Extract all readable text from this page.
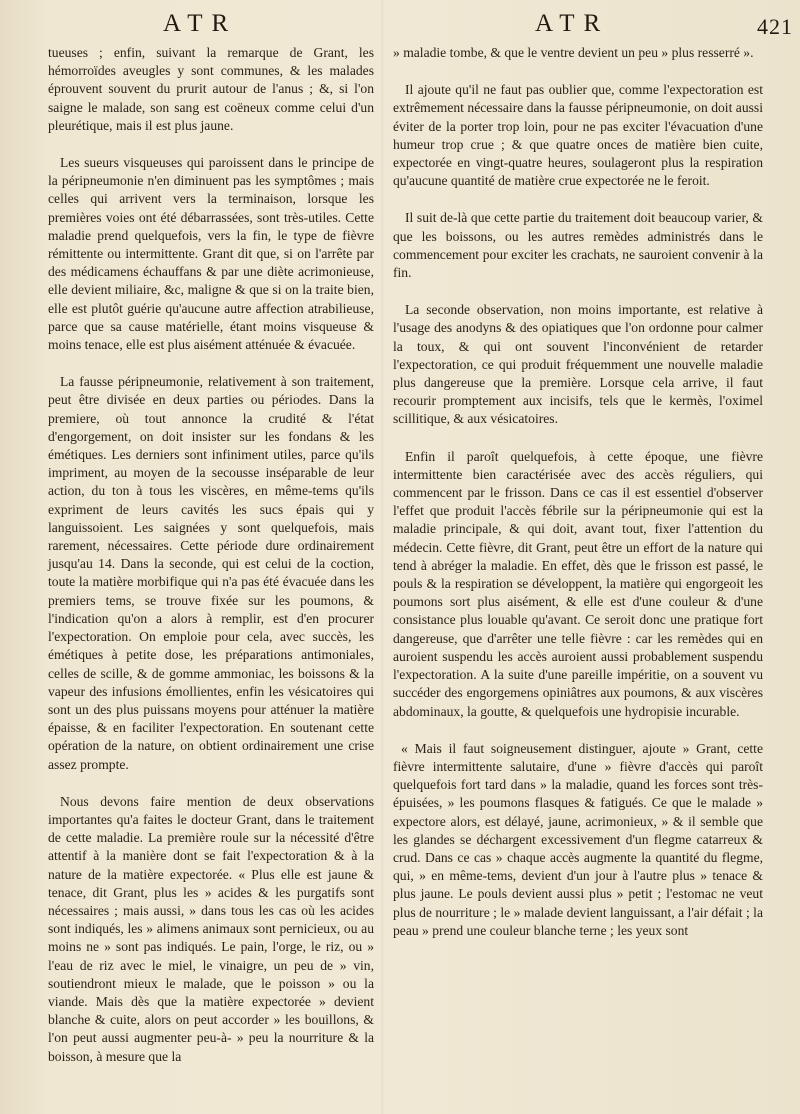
ATR	ATR	421

tueuses ; enfin, suivant la remarque de Grant, les hémorroïdes aveugles y sont communes, & les malades éprouvent souvent du prurit autour de l'anus ; &, si l'on saigne le malade, son sang est coëneux comme celui d'un pleurétique, mais il est plus jaune.

Les sueurs visqueuses qui paroissent dans le principe de la péripneumonie n'en diminuent pas les symptômes ; mais celles qui arrivent vers la terminaison, lorsque les premières voies ont été débarrassées, sont très-utiles. Cette maladie prend quelquefois, vers la fin, le type de fièvre rémittente ou intermittente. Grant dit que, si on l'arrête par des médicamens échauffans & par une diète acrimonieuse, elle devient miliaire, &c, maligne & que si on la traite bien, elle est plutôt guérie qu'aucune autre affection atrabilieuse, parce que sa cause matérielle, étant moins visqueuse & moins tenace, elle est plus aisément atténuée & évacuée.

La fausse péripneumonie, relativement à son traitement, peut être divisée en deux parties ou périodes. Dans la premiere, où tout annonce la crudité & l'état d'engorgement, on doit insister sur les fondans & les émétiques. Les derniers sont infiniment utiles, parce qu'ils impriment, au moyen de la secousse inséparable de leur action, du ton à tous les viscères, en même-tems qu'ils expriment de leurs cavités les sucs épais qui y languissoient. Les saignées y sont quelquefois, mais rarement, nécessaires. Cette période dure ordinairement jusqu'au 14. Dans la seconde, qui est celui de la coction, toute la matière morbifique qui n'a pas été évacuée dans les premiers tems, se trouve fixée sur les poumons, & l'indication qu'on a alors à remplir, est d'en procurer l'expectoration. On emploie pour cela, avec succès, les émétiques à petite dose, les préparations antimoniales, celles de scille, & de gomme ammoniac, les boissons & la vapeur des infusions émollientes, enfin les vésicatoires qui sont un des plus puissans moyens pour atténuer la matière épaisse, & en faciliter l'expectoration. En soutenant cette opération de la nature, on obtient ordinairement une crise assez prompte.

Nous devons faire mention de deux observations importantes qu'a faites le docteur Grant, dans le traitement de cette maladie. La première roule sur la nécessité d'être attentif à la manière dont se fait l'expectoration & à la nature de la matière expectorée. « Plus elle est jaune & tenace, dit Grant, plus les » acides & les purgatifs sont nécessaires ; mais aussi, » dans tous les cas où les acides sont indiqués, les » alimens animaux sont pernicieux, ou au moins ne » sont pas indiqués. Le pain, l'orge, le riz, ou » l'eau de riz avec le miel, le vinaigre, un peu de » vin, soutiendront mieux le malade, que le poisson » ou la viande. Mais dès que la matière expectorée » devient blanche & cuite, alors on peut accorder » les bouillons, & l'on peut aussi augmenter peu-à- » peu la nourriture & la boisson, à mesure que la

» maladie tombe, & que le ventre devient un peu » plus resserré ».

Il ajoute qu'il ne faut pas oublier que, comme l'expectoration est extrêmement nécessaire dans la fausse péripneumonie, on doit aussi éviter de la porter trop loin, pour ne pas exciter l'évacuation d'une humeur trop crue ; & que quatre onces de matière bien cuite, expectorée en vingt-quatre heures, soulageront plus la respiration qu'aucune quantité de matière crue expectorée ne le feroit.

Il suit de-là que cette partie du traitement doit beaucoup varier, & que les boissons, ou les autres remèdes administrés dans le commencement pour exciter les crachats, ne sauroient convenir à la fin.

La seconde observation, non moins importante, est relative à l'usage des anodyns & des opiatiques que l'on ordonne pour calmer la toux, & qui ont souvent l'inconvénient de retarder l'expectoration, ce qui produit fréquemment une nouvelle maladie plus dangereuse que la première. Lorsque cela arrive, il faut recourir promptement aux incisifs, tels que le kermès, l'oximel scillitique, & aux vésicatoires.

Enfin il paroît quelquefois, à cette époque, une fièvre intermittente bien caractérisée avec des accès réguliers, qui commencent par le frisson. Dans ce cas il est essentiel d'observer l'effet que produit l'accès fébrile sur la péripneumonie qui est la maladie principale, & qui doit, avant tout, fixer l'attention du médecin. Cette fièvre, dit Grant, peut être un effort de la nature qui tend à abréger la maladie. En effet, dès que le frisson est passé, le pouls & la respiration se développent, la matière qui engorgeoit les poumons sort plus aisément, & elle est d'une couleur & d'une consistance plus louable qu'avant. Ce seroit donc une pratique fort dangereuse, que d'arrêter une telle fièvre : car les remèdes qui en auroient suspendu les accès auroient aussi probablement suspendu l'expectoration. A la suite d'une pareille impéritie, on a souvent vu succéder des engorgemens opiniâtres aux poumons, & aux viscères abdominaux, la goutte, & quelquefois une hydropisie incurable.

« Mais il faut soigneusement distinguer, ajoute » Grant, cette fièvre intermittente salutaire, d'une » fièvre d'accès qui paroît quelquefois fort tard dans » la maladie, quand les forces sont très-épuisées, » les poumons flasques & fatigués. Ce que le malade » expectore alors, est délayé, jaune, acrimonieux, » & il semble que les glandes se déchargent excessivement d'un flegme catarreux & crud. Dans ce cas » chaque accès augmente la quantité du flegme, qui, » en même-tems, devient d'un jour à l'autre plus » tenace & plus jaune. Le pouls devient aussi plus » petit ; l'estomac ne veut plus de nourriture ; le » malade devient languissant, a l'air défait ; la peau » prend une couleur blanche terne ; les yeux sont
